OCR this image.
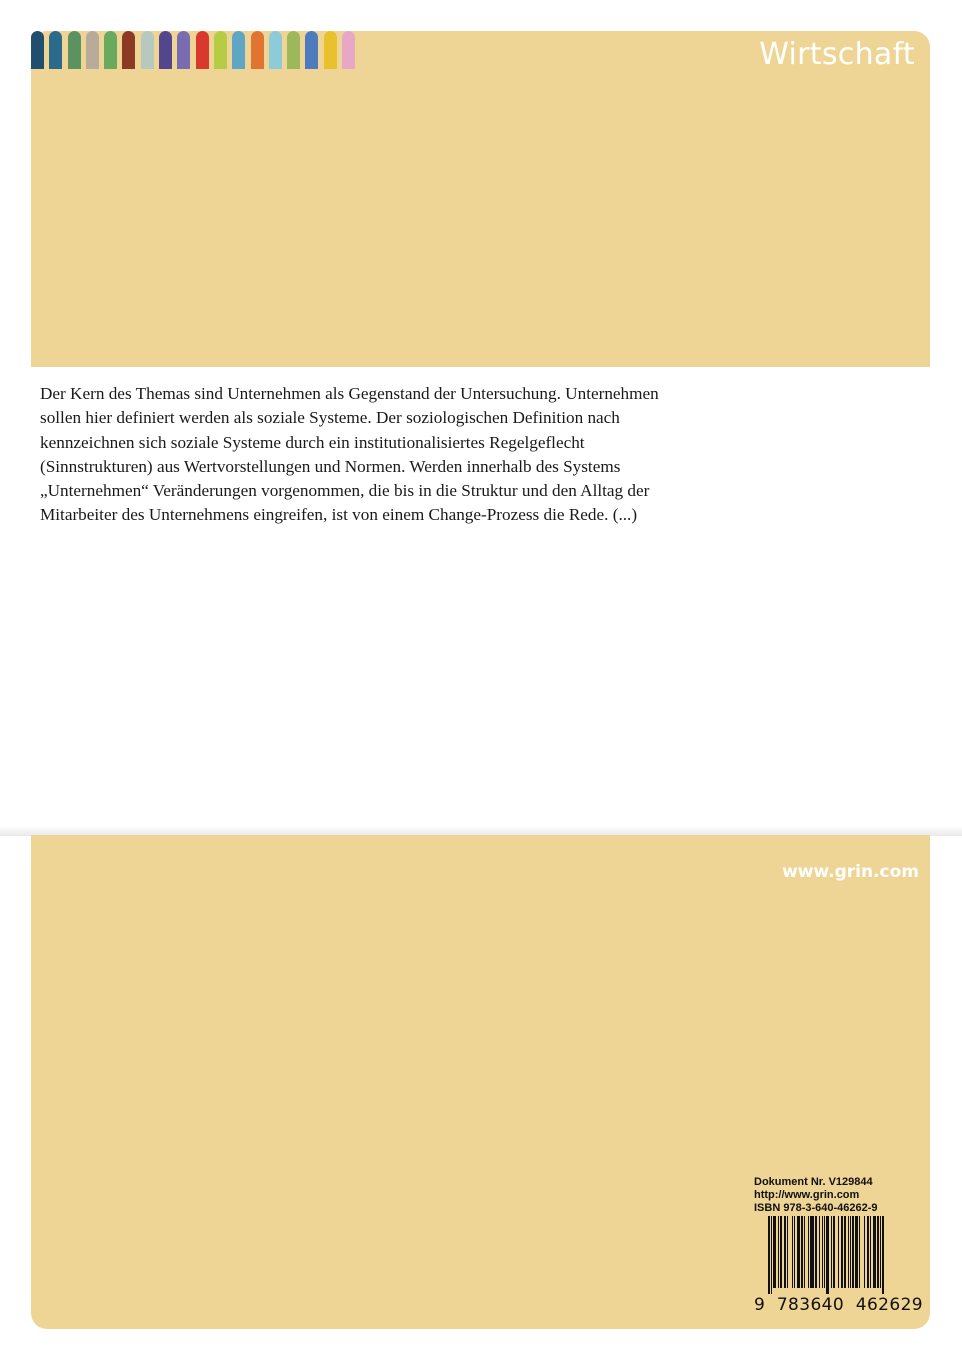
Wirtschaft

Der Kern des Themas sind Unternehmen als Gegenstand der Untersuchung. Unternehmen sollen hier definiert werden als soziale Systeme. Der soziologischen Definition nach kennzeichnen sich soziale Systeme durch ein institutionalisiertes Regelgeflecht (Sinnstrukturen) aus Wertvorstellungen und Normen. Werden innerhalb des Systems „Unternehmen“ Veränderungen vorgenommen, die bis in die Struktur und den Alltag der Mitarbeiter des Unternehmens eingreifen, ist von einem Change-Prozess die Rede. (...)

www.grin.com
Dokument Nr. V129844
http://www.grin.com
ISBN 978-3-640-46262-9
9  783640  462629
